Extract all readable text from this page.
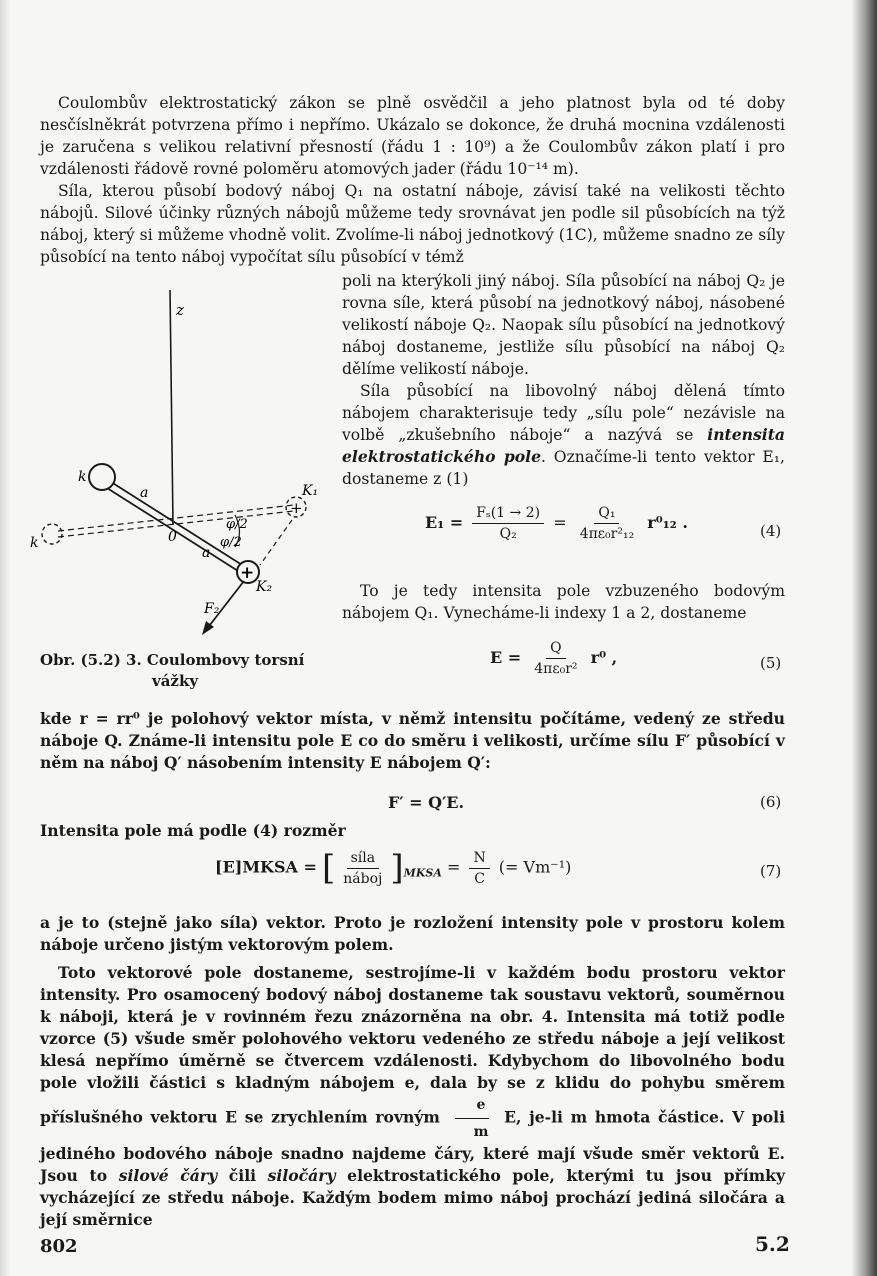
Coulombův elektrostatický zákon se plně osvědčil a jeho platnost byla od té doby nesčíslněkrát potvrzena přímo i nepřímo. Ukázalo se dokonce, že druhá mocnina vzdálenosti je zaručena s velikou relativní přesností (řádu 1 : 10⁹) a že Coulombův zákon platí i pro vzdálenosti řádově rovné poloměru atomových jader (řádu 10⁻¹⁴ m).

Síla, kterou působí bodový náboj Q₁ na ostatní náboje, závisí také na velikosti těchto nábojů. Silové účinky různých nábojů můžeme tedy srovnávat jen podle sil působících na týž náboj, který si můžeme vhodně volit. Zvolíme-li náboj jednotkový (1C), můžeme snadno ze síly působící na tento náboj vypočítat sílu působící v témž

poli na kterýkoli jiný náboj. Síla působící na náboj Q₂ je rovna síle, která působí na jednotkový náboj, násobené velikostí náboje Q₂. Naopak sílu působící na jednotkový náboj dostaneme, jestliže sílu působící na náboj Q₂ dělíme velikostí náboje.

Síla působící na libovolný náboj dělená tímto nábojem charakterisuje tedy „sílu pole“ nezávisle na volbě „zkušebního náboje“ a nazývá se intensita elektrostatického pole. Označíme-li tento vektor E₁, dostaneme z (1)

z
+
+
k
k
a
a
0
φ/2
φ/2
K₁
K₂
F₂
$E_1 = \frac{\text{Fₛ(1 → 2)}}{\text{Q₂}} = \frac{\text{Q₁}}{\text{4πε₀r²₁₂}} r^0_{12}$ .	(4)

To je tedy intensita pole vzbuzeného bodovým nábojem Q₁. Vynecháme-li indexy 1 a 2, dostaneme

Obr. (5.2) 3. Coulombovy torsní
vážky
$E = \frac{Q}{\text{4πε₀r²}} r^0$ ,	(5)

kde r = rr⁰ je polohový vektor místa, v němž intensitu počítáme, vedený ze středu náboje Q. Známe-li intensitu pole E co do směru i velikosti, určíme sílu F′ působící v něm na náboj Q′ násobením intensity E nábojem Q′:

F′ = Q′E.	(6)

Intensita pole má podle (4) rozměr

[E]MKSA = [ $\frac{\text{síla}}{\text{náboj}} ]_{MKSA} = \frac{N}{C}$ (= Vm⁻¹)	(7)

a je to (stejně jako síla) vektor. Proto je rozložení intensity pole v prostoru kolem náboje určeno jistým vektorovým polem.

Toto vektorové pole dostaneme, sestrojíme-li v každém bodu prostoru vektor intensity. Pro osamocený bodový náboj dostaneme tak soustavu vektorů, souměrnou k náboji, která je v rovinném řezu znázorněna na obr. 4. Intensita má totiž podle vzorce (5) všude směr polohového vektoru vedeného ze středu náboje a její velikost klesá nepřímo úměrně se čtvercem vzdálenosti. Kdybychom do libovolného bodu pole vložili částici s kladným nábojem e, dala by se z klidu do pohybu směrem příslušného vektoru E se zrychlením rovným $\frac{e}{m} E$, je-li m hmota částice. V poli jediného bodového náboje snadno najdeme čáry, které mají všude směr vektorů E. Jsou to silové čáry čili siločáry elektrostatického pole, kterými tu jsou přímky vycházející ze středu náboje. Každým bodem mimo náboj prochází jediná siločára a její směrnice

802	5.2
